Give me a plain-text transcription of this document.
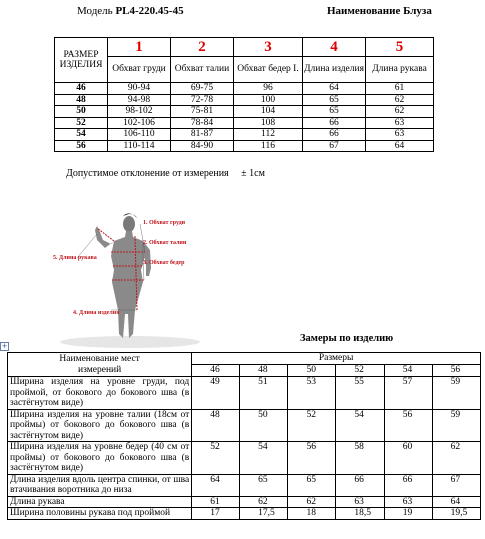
Модель PL4-220.45-45	Наименование Блуза
РАЗМЕР ИЗДЕЛИЯ	1	2	3	4	5
	Обхват груди	Обхват талии	Обхват бедер I.	Длина изделия	Длина рукава
46	90-94	69-75	96	64	61
48	94-98	72-78	100	65	62
50	98-102	75-81	104	65	62
52	102-106	78-84	108	66	63
54	106-110	81-87	112	66	63
56	110-114	84-90	116	67	64
Допустимое отклонение от измерения ± 1см
1. Обхват груди
2. Обхват талии
3. Обхват бедер
5. Длина рукава
4. Длина изделия
Замеры по изделию
+
Наименование мест измерений	Размеры					
	46	48	50	52	54	56
Ширина изделия на уровне груди, под проймой, от бокового до бокового шва (в застёгнутом виде)	49	51	53	55	57	59
Ширина изделия на уровне талии (18см от проймы) от бокового до бокового шва (в застёгнутом виде)	48	50	52	54	56	59
Ширина изделия на уровне бедер (40 см от проймы) от бокового до бокового шва (в застёгнутом виде)	52	54	56	58	60	62
Длина изделия вдоль центра спинки, от шва втачивания воротника до низа	64	65	65	66	66	67
Длина рукава	61	62	62	63	63	64
Ширина половины рукава под проймой	17	17,5	18	18,5	19	19,5
